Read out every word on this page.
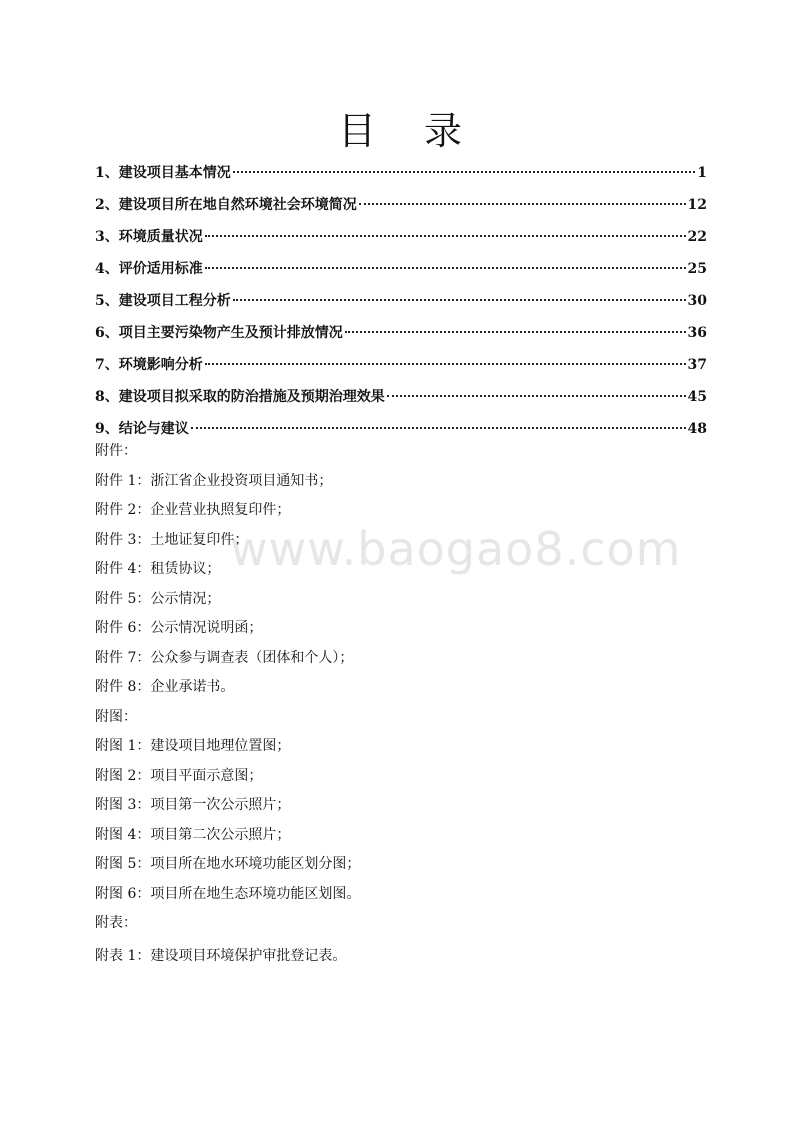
目 录
1、建设项目基本情况	1
2、建设项目所在地自然环境社会环境简况	12
3、环境质量状况	22
4、评价适用标准	25
5、建设项目工程分析	30
6、项目主要污染物产生及预计排放情况	36
7、环境影响分析	37
8、建设项目拟采取的防治措施及预期治理效果	45
9、结论与建议	48
附件：
附件 1：浙江省企业投资项目通知书；
附件 2：企业营业执照复印件；
附件 3：土地证复印件；
附件 4：租赁协议；
附件 5：公示情况；
附件 6：公示情况说明函；
附件 7：公众参与调查表（团体和个人）；
附件 8：企业承诺书。
附图：
附图 1：建设项目地理位置图；
附图 2：项目平面示意图；
附图 3：项目第一次公示照片；
附图 4：项目第二次公示照片；
附图 5：项目所在地水环境功能区划分图；
附图 6：项目所在地生态环境功能区划图。
附表：
附表 1：建设项目环境保护审批登记表。
www.baogao8.com
